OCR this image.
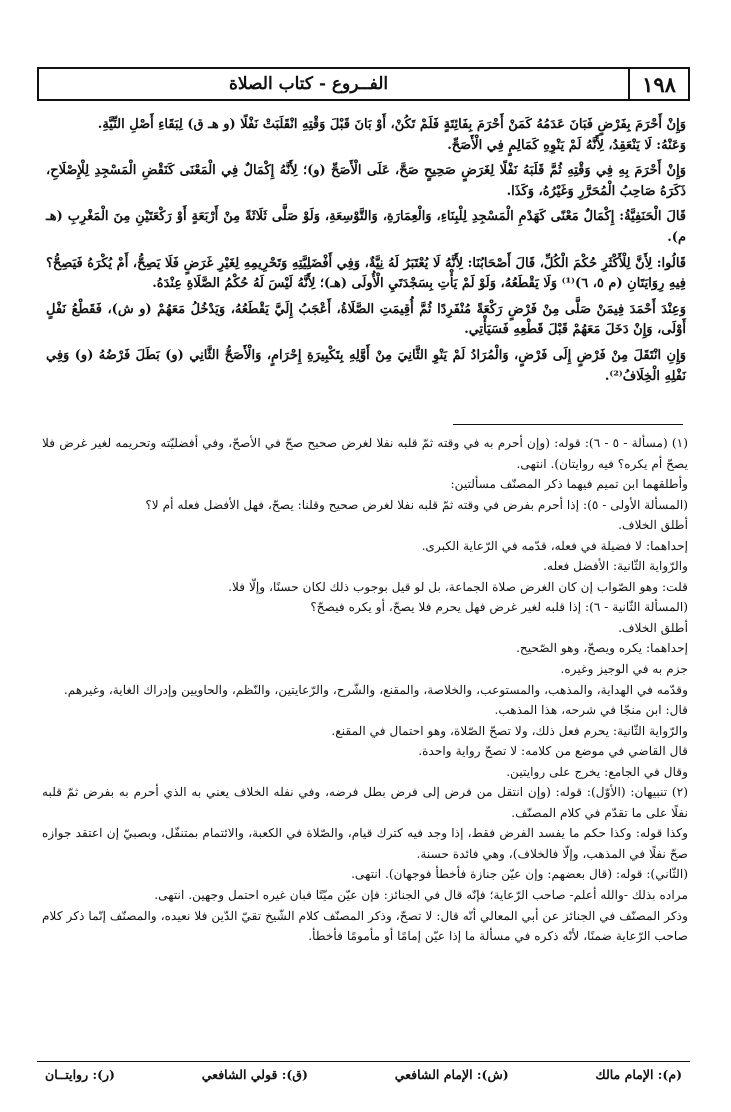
١٩٨
الفــروع - كتاب الصلاة

وَإِنْ أَحْرَمَ بِفَرْضٍ فَبَانَ عَدَمُهُ كَمَنْ أَحْرَمَ بِفَائِتَةٍ فَلَمْ تَكُنْ، أَوْ بَانَ قَبْلَ وَقْتِهِ انْقَلَبَتْ نَفْلًا (و هـ ق) لِبَقَاءِ أَصْلِ النِّيَّةِ.

وَعَنْهُ: لَا يَنْعَقِدُ، لِأَنَّهُ لَمْ يَنْوِهِ كَمَالِمٍ فِي الْأَصَحِّ.

وَإِنْ أَحْرَمَ بِهِ فِي وَقْتِهِ ثُمَّ قَلَبَهُ نَفْلًا لِغَرَضٍ صَحِيحٍ صَحَّ، عَلَى الْأَصَحِّ (و)؛ لِأَنَّهُ إِكْمَالٌ فِي الْمَعْنَى كَنَقْضِ الْمَسْجِدِ لِلْإِصْلَاحِ، ذَكَرَهُ صَاحِبُ الْمُحَرَّرِ وَغَيْرُهُ، وَكَذَا.

قَالَ الْحَنَفِيَّةُ: إِكْمَالٌ مَعْنًى كَهَدْمِ الْمَسْجِدِ لِلْبِنَاءِ، وَالْعِمَارَةِ، وَالتَّوْسِعَةِ، وَلَوْ صَلَّى ثَلَاثَةً مِنْ أَرْبَعَةٍ أَوْ رَكْعَتَيْنِ مِنَ الْمَغْرِبِ (هـ م).

قَالُوا: لِأَنَّ لِلْأَكْثَرِ حُكْمَ الْكُلِّ، قَالَ أَصْحَابُنَا: لِأَنَّهُ لَا يُعْتَبَرُ لَهُ نِيَّةٌ، وَفِي أَفْضَلِيَّتِهِ وَتَحْرِيمِهِ لِغَيْرِ غَرَضٍ فَلَا يَصِحُّ، أَمْ يُكْرَهُ فَيَصِحُّ؟ فِيهِ رِوَايَتَانِ (م ٥، ٦)⁽¹⁾ وَلَا يَقْطَعُهُ، وَلَوْ لَمْ يَأْتِ بِسَجْدَتَيِ الْأُولَى (هـ)؛ لِأَنَّهُ لَيْسَ لَهُ حُكْمُ الصَّلَاةِ عِنْدَهُ.

وَعِنْدَ أَحْمَدَ فِيمَنْ صَلَّى مِنْ فَرْضٍ رَكْعَةً مُنْفَرِدًا ثُمَّ أُقِيمَتِ الصَّلَاةُ، أَعْجَبُ إِلَيَّ يَقْطَعُهُ، وَيَدْخُلُ مَعَهُمْ (و ش)، فَقَطْعُ نَفْلٍ أَوْلَى، وَإِنْ دَخَلَ مَعَهُمْ قَبْلَ قَطْعِهِ فَسَيَأْتِي.

وَإِنِ انْتَقَلَ مِنْ فَرْضٍ إِلَى فَرْضٍ، وَالْمُرَادُ لَمْ يَنْوِ الثَّانِيَ مِنْ أَوَّلِهِ بِتَكْبِيرَةِ إِحْرَامٍ، وَالْأَصَحُّ الثَّانِي (و) بَطَلَ فَرْضُهُ (و) وَفِي نَفْلِهِ الْخِلَافُ⁽²⁾.

(١) (مسألة - ٥ - ٦): قوله: (وإن أحرم به في وقته ثمّ قلبه نفلا لغرض صحيح صحّ في الأصحّ، وفي أفضليّته وتحريمه لغير غرض فلا يصحّ أم يكره؟ فيه روايتان). انتهى.

وأطلقهما ابن تميم فيهما ذكر المصنّف مسألتين:

(المسألة الأولى - ٥): إذا أحرم بفرض في وقته ثمّ قلبه نفلا لغرض صحيح وقلنا: يصحّ، فهل الأفضل فعله أم لا؟

أطلق الخلاف.

إحداهما: لا فضيلة في فعله، قدّمه في الرّعاية الكبرى.

والرّواية الثّانية: الأفضل فعله.

قلت: وهو الصّواب إن كان الغرض صلاة الجماعة، بل لو قيل بوجوب ذلك لكان حسنًا، وإلّا فلا.

(المسألة الثّانية - ٦): إذا قلبه لغير غرض فهل يحرم فلا يصحّ، أو يكره فيصحّ؟

أطلق الخلاف.

إحداهما: يكره ويصحّ، وهو الصّحيح.

جزم به في الوجيز وغيره.

وقدّمه في الهداية، والمذهب، والمستوعب، والخلاصة، والمقنع، والشّرح، والرّعايتين، والنّظم، والحاويين وإدراك الغاية، وغيرهم.

قال: ابن منجّا في شرحه، هذا المذهب.

والرّواية الثّانية: يحرم فعل ذلك، ولا تصحّ الصّلاة، وهو احتمال في المقنع.

قال القاضي في موضع من كلامه: لا تصحّ رواية واحدة.

وقال في الجامع: يخرج على روايتين.

(٢) تنبيهان: (الأوّل): قوله: (وإن انتقل من فرض إلى فرض بطل فرضه، وفي نفله الخلاف يعني به الذي أحرم به بفرض ثمّ قلبه نفلًا على ما تقدّم في كلام المصنّف.

وكذا قوله: وكذا حكم ما يفسد الفرض فقط، إذا وجد فيه كترك قيام، والصّلاة في الكعبة، والائتمام بمتنفّل، وبصبيّ إن اعتقد جوازه صحّ نفلًا في المذهب، وإلّا فالخلاف)، وهي فائدة حسنة.

(الثّاني): قوله: (قال بعضهم: وإن عيّن جنازة فأخطأ فوجهان). انتهى.

مراده بذلك -والله أعلم- صاحب الرّعاية؛ فإنّه قال في الجنائز: فإن عيّن ميّتًا فبان غيره احتمل وجهين. انتهى.

وذكر المصنّف في الجنائز عن أبي المعالي أنّه قال: لا تصحّ، وذكر المصنّف كلام الشّيخ تقيّ الدّين فلا نعيده، والمصنّف إنّما ذكر كلام صاحب الرّعاية ضمنًا، لأنّه ذكره في مسألة ما إذا عيّن إمامًا أو مأمومًا فأخطأ.

(م): الإمام مالك
(ش): الإمام الشافعي
(ق): قولي الشافعي
(ر): روايتــان
